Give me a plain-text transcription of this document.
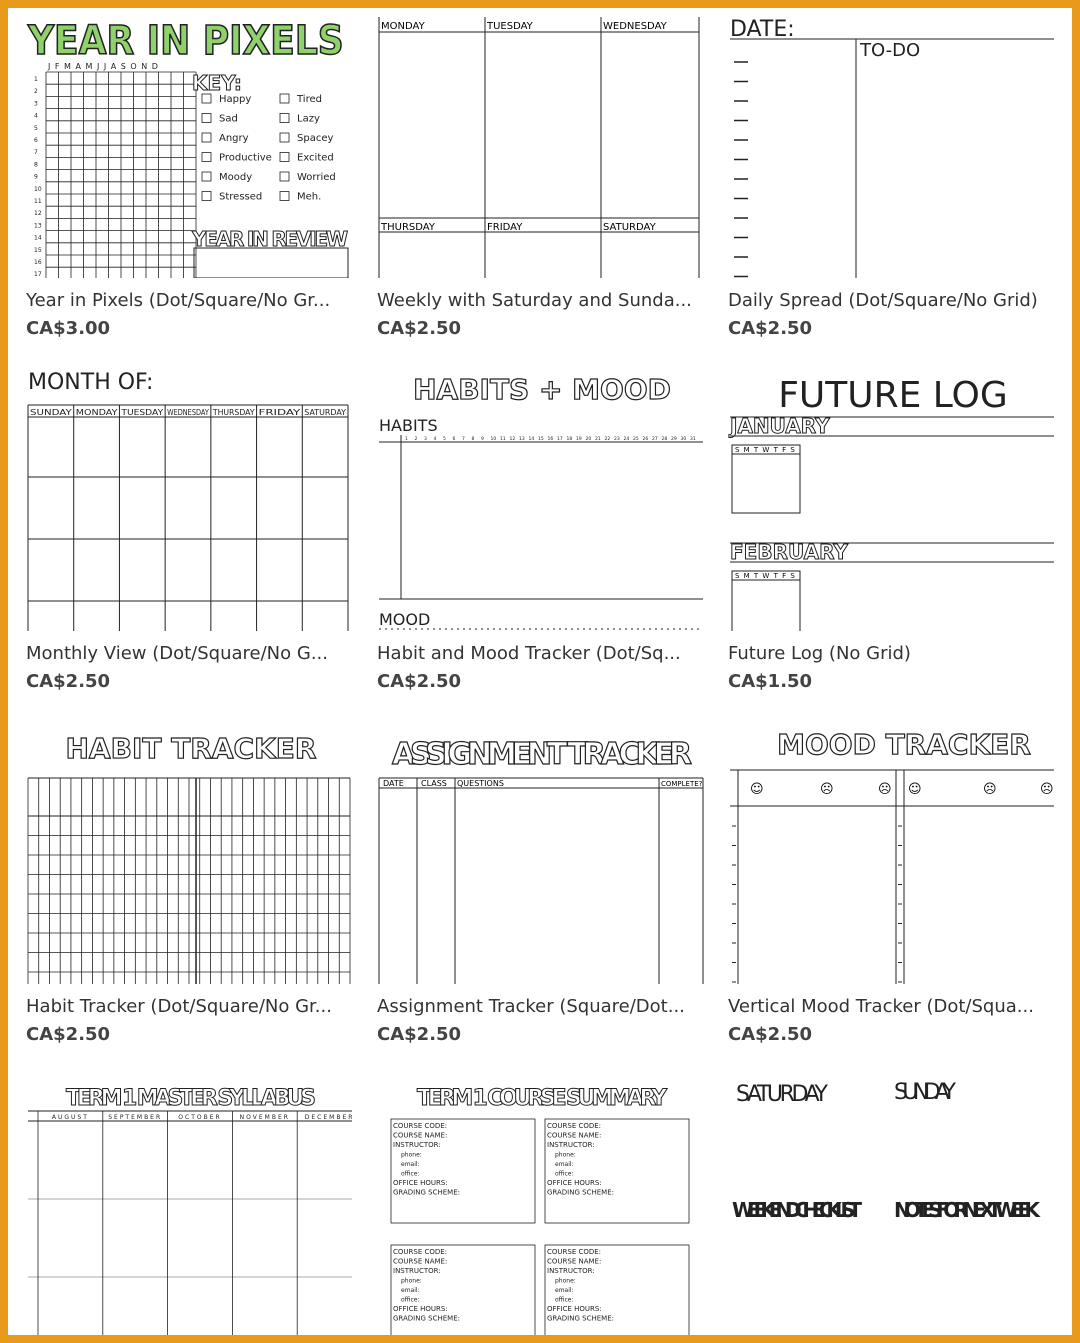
YEAR IN PIXELS
J F M A M J J A S O N D
1
2
3
4
5
6
7
8
9
10
11
12
13
14
15
16
17
KEY:
Happy
Sad
Angry
Productive
Moody
Stressed
Tired
Lazy
Spacey
Excited
Worried
Meh.
YEAR IN REVIEW
Year in Pixels (Dot/Square/No Gr...
CA$3.00
MONDAY	TUESDAY	WEDNESDAY
THURSDAY	FRIDAY	SATURDAY
Weekly with Saturday and Sunda...
CA$2.50
DATE:
TO-DO
Daily Spread (Dot/Square/No Grid)
CA$2.50
MONTH OF:
SUNDAY MONDAY TUESDAY WEDNESDAY THURSDAY FRIDAY SATURDAY
Monthly View (Dot/Square/No G...
CA$2.50
HABITS + MOOD
HABITS
1 2 3 4 5 6 7 8 9 10 11 12 13 14 15 16 17 18 19 20 21 22 23 24 25 26 27 28 29 30 31
MOOD
Habit and Mood Tracker (Dot/Sq...
CA$2.50
FUTURE LOG
JANUARY
S M T W T F S
FEBRUARY
S M T W T F S
Future Log (No Grid)
CA$1.50
HABIT TRACKER
Habit Tracker (Dot/Square/No Gr...
CA$2.50
ASSIGNMENT TRACKER
DATE CLASS QUESTIONS	COMPLETE?
Assignment Tracker (Square/Dot...
CA$2.50
MOOD TRACKER
☺	☹	☹ ☺	☹	☹
Vertical Mood Tracker (Dot/Squa...
CA$2.50
TERM 1 MASTER SYLLABUS
AUGUST	SEPTEMBER	OCTOBER	NOVEMBER DECEMBER
TERM 1 COURSE SUMMARY
COURSE CODE:
COURSE NAME:
INSTRUCTOR:
phone:
email:
office:
OFFICE HOURS:
GRADING SCHEME:
COURSE CODE:
COURSE NAME:
INSTRUCTOR:
phone:
email:
office:
OFFICE HOURS:
GRADING SCHEME:
COURSE CODE:
COURSE NAME:
INSTRUCTOR:
phone:
email:
office:
OFFICE HOURS:
GRADING SCHEME:
COURSE CODE:
COURSE NAME:
INSTRUCTOR:
phone:
email:
office:
OFFICE HOURS:
GRADING SCHEME:
SATURDAY	SUNDAY
WEEKEND CHECKLIST NOTES FOR NEXT WEEK
